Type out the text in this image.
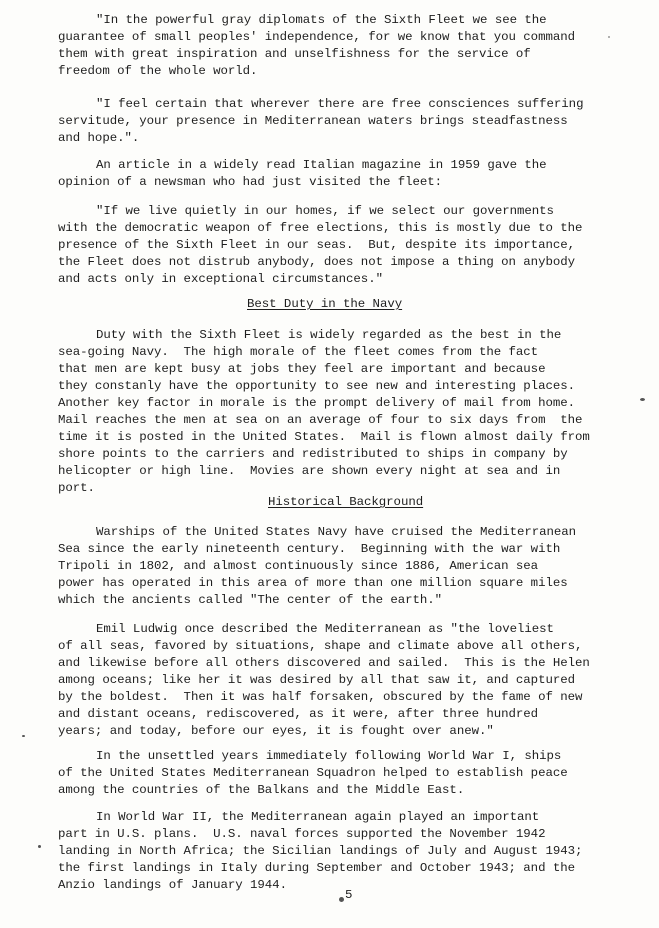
"In the powerful gray diplomats of the Sixth Fleet we see the
guarantee of small peoples' independence, for we know that you command
them with great inspiration and unselfishness for the service of
freedom of the whole world.
"I feel certain that wherever there are free consciences suffering
servitude, your presence in Mediterranean waters brings steadfastness
and hope.".
An article in a widely read Italian magazine in 1959 gave the
opinion of a newsman who had just visited the fleet:
"If we live quietly in our homes, if we select our governments
with the democratic weapon of free elections, this is mostly due to the
presence of the Sixth Fleet in our seas.  But, despite its importance,
the Fleet does not distrub anybody, does not impose a thing on anybody
and acts only in exceptional circumstances."
Best Duty in the Navy
Duty with the Sixth Fleet is widely regarded as the best in the
sea-going Navy.  The high morale of the fleet comes from the fact
that men are kept busy at jobs they feel are important and because
they constanly have the opportunity to see new and interesting places.
Another key factor in morale is the prompt delivery of mail from home.
Mail reaches the men at sea on an average of four to six days from  the
time it is posted in the United States.  Mail is flown almost daily from
shore points to the carriers and redistributed to ships in company by
helicopter or high line.  Movies are shown every night at sea and in
port.
Historical Background
Warships of the United States Navy have cruised the Mediterranean
Sea since the early nineteenth century.  Beginning with the war with
Tripoli in 1802, and almost continuously since 1886, American sea
power has operated in this area of more than one million square miles
which the ancients called "The center of the earth."
Emil Ludwig once described the Mediterranean as "the loveliest
of all seas, favored by situations, shape and climate above all others,
and likewise before all others discovered and sailed.  This is the Helen
among oceans; like her it was desired by all that saw it, and captured
by the boldest.  Then it was half forsaken, obscured by the fame of new
and distant oceans, rediscovered, as it were, after three hundred
years; and today, before our eyes, it is fought over anew."
In the unsettled years immediately following World War I, ships
of the United States Mediterranean Squadron helped to establish peace
among the countries of the Balkans and the Middle East.
In World War II, the Mediterranean again played an important
part in U.S. plans.  U.S. naval forces supported the November 1942
landing in North Africa; the Sicilian landings of July and August 1943;
the first landings in Italy during September and October 1943; and the
Anzio landings of January 1944.
5
